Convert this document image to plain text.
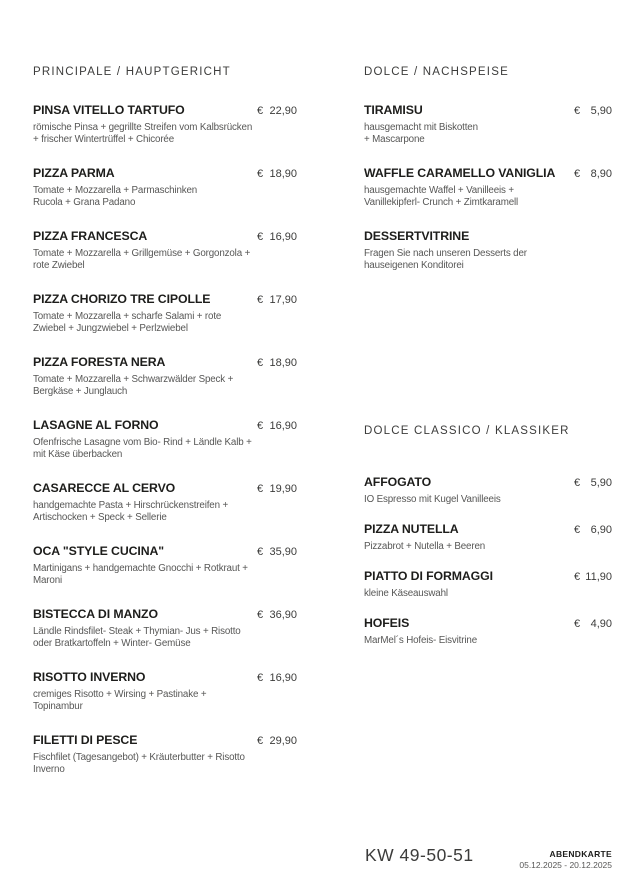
PRINCIPALE / HAUPTGERICHT
PINSA VITELLO TARTUFO	€ 22,90
römische Pinsa + gegrillte Streifen vom Kalbsrücken
+ frischer Wintertrüffel + Chicorée
PIZZA PARMA	€ 18,90
Tomate + Mozzarella + Parmaschinken
Rucola + Grana Padano
PIZZA FRANCESCA	€ 16,90
Tomate + Mozzarella + Grillgemüse + Gorgonzola +
rote Zwiebel
PIZZA CHORIZO TRE CIPOLLE	€ 17,90
Tomate + Mozzarella + scharfe Salami + rote
Zwiebel + Jungzwiebel + Perlzwiebel
PIZZA FORESTA NERA	€ 18,90
Tomate + Mozzarella + Schwarzwälder Speck +
Bergkäse + Junglauch
LASAGNE AL FORNO	€ 16,90
Ofenfrische Lasagne vom Bio- Rind + Ländle Kalb +
mit Käse überbacken
CASARECCE AL CERVO	€ 19,90
handgemachte Pasta + Hirschrückenstreifen +
Artischocken + Speck + Sellerie
OCA "STYLE CUCINA"	€ 35,90
Martinigans + handgemachte Gnocchi + Rotkraut +
Maroni
BISTECCA DI MANZO	€ 36,90
Ländle Rindsfilet- Steak + Thymian- Jus + Risotto
oder Bratkartoffeln + Winter- Gemüse
RISOTTO INVERNO	€ 16,90
cremiges Risotto + Wirsing + Pastinake +
Topinambur
FILETTI DI PESCE	€ 29,90
Fischfilet (Tagesangebot) + Kräuterbutter + Risotto
Inverno
DOLCE / NACHSPEISE
TIRAMISU	€ 5,90
hausgemacht mit Biskotten
+ Mascarpone
WAFFLE CARAMELLO VANIGLIA € 8,90
hausgemachte Waffel + Vanilleeis +
Vanillekipferl- Crunch + Zimtkaramell
DESSERTVITRINE
Fragen Sie nach unseren Desserts der
hauseigenen Konditorei
DOLCE CLASSICO / KLASSIKER
AFFOGATO	€ 5,90
IO Espresso mit Kugel Vanilleeis
PIZZA NUTELLA	€ 6,90
Pizzabrot + Nutella + Beeren
PIATTO DI FORMAGGI	€ 11,90
kleine Käseauswahl
HOFEIS	€ 4,90
MarMel´s Hofeis- Eisvitrine
KW 49-50-51	ABENDKARTE
05.12.2025 - 20.12.2025
